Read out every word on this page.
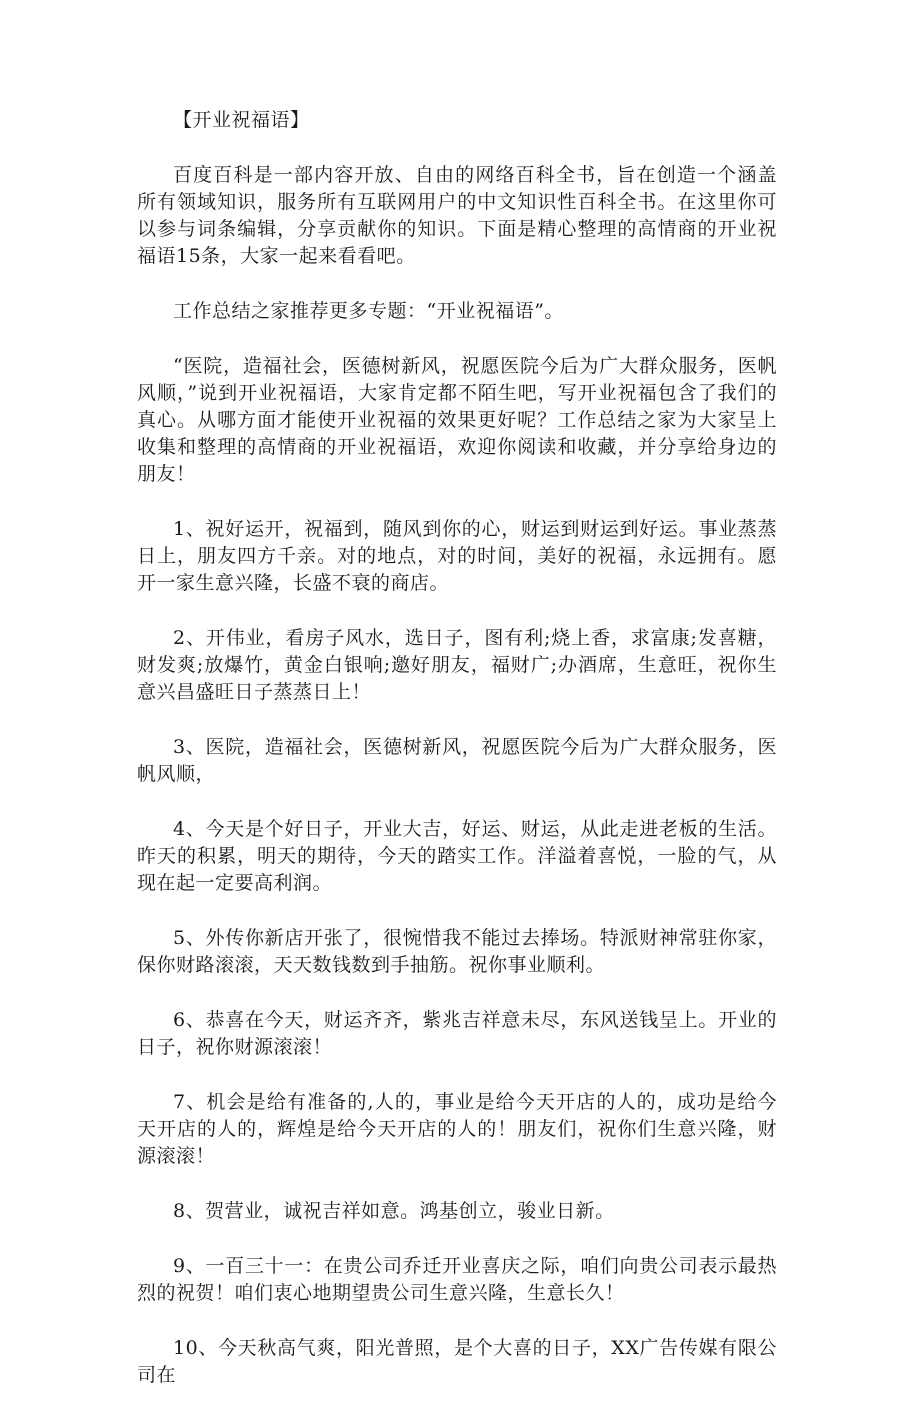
【开业祝福语】

百度百科是一部内容开放、自由的网络百科全书，旨在创造一个涵盖所有领域知识，服务所有互联网用户的中文知识性百科全书。在这里你可以参与词条编辑，分享贡献你的知识。下面是精心整理的高情商的开业祝福语15条，大家一起来看看吧。

工作总结之家推荐更多专题：“开业祝福语”。

“医院，造福社会，医德树新风，祝愿医院今后为广大群众服务，医帆风顺，”说到开业祝福语，大家肯定都不陌生吧，写开业祝福包含了我们的真心。从哪方面才能使开业祝福的效果更好呢？工作总结之家为大家呈上收集和整理的高情商的开业祝福语，欢迎你阅读和收藏，并分享给身边的朋友！

1、祝好运开，祝福到，随风到你的心，财运到财运到好运。事业蒸蒸日上，朋友四方千亲。对的地点，对的时间，美好的祝福，永远拥有。愿开一家生意兴隆，长盛不衰的商店。

2、开伟业，看房子风水，选日子，图有利;烧上香，求富康;发喜糖，财发爽;放爆竹，黄金白银响;邀好朋友，福财广;办酒席，生意旺，祝你生意兴昌盛旺日子蒸蒸日上！

3、医院，造福社会，医德树新风，祝愿医院今后为广大群众服务，医帆风顺，

4、今天是个好日子，开业大吉，好运、财运，从此走进老板的生活。昨天的积累，明天的期待，今天的踏实工作。洋溢着喜悦，一脸的气，从现在起一定要高利润。

5、外传你新店开张了，很惋惜我不能过去捧场。特派财神常驻你家，保你财路滚滚，天天数钱数到手抽筋。祝你事业顺利。

6、恭喜在今天，财运齐齐，紫兆吉祥意未尽，东风送钱呈上。开业的日子，祝你财源滚滚！

7、机会是给有准备的,人的，事业是给今天开店的人的，成功是给今天开店的人的，辉煌是给今天开店的人的！朋友们，祝你们生意兴隆，财源滚滚！

8、贺营业，诚祝吉祥如意。鸿基创立，骏业日新。

9、一百三十一：在贵公司乔迁开业喜庆之际，咱们向贵公司表示最热烈的祝贺！咱们衷心地期望贵公司生意兴隆，生意长久！

10、今天秋高气爽，阳光普照，是个大喜的日子，XX广告传媒有限公司在
